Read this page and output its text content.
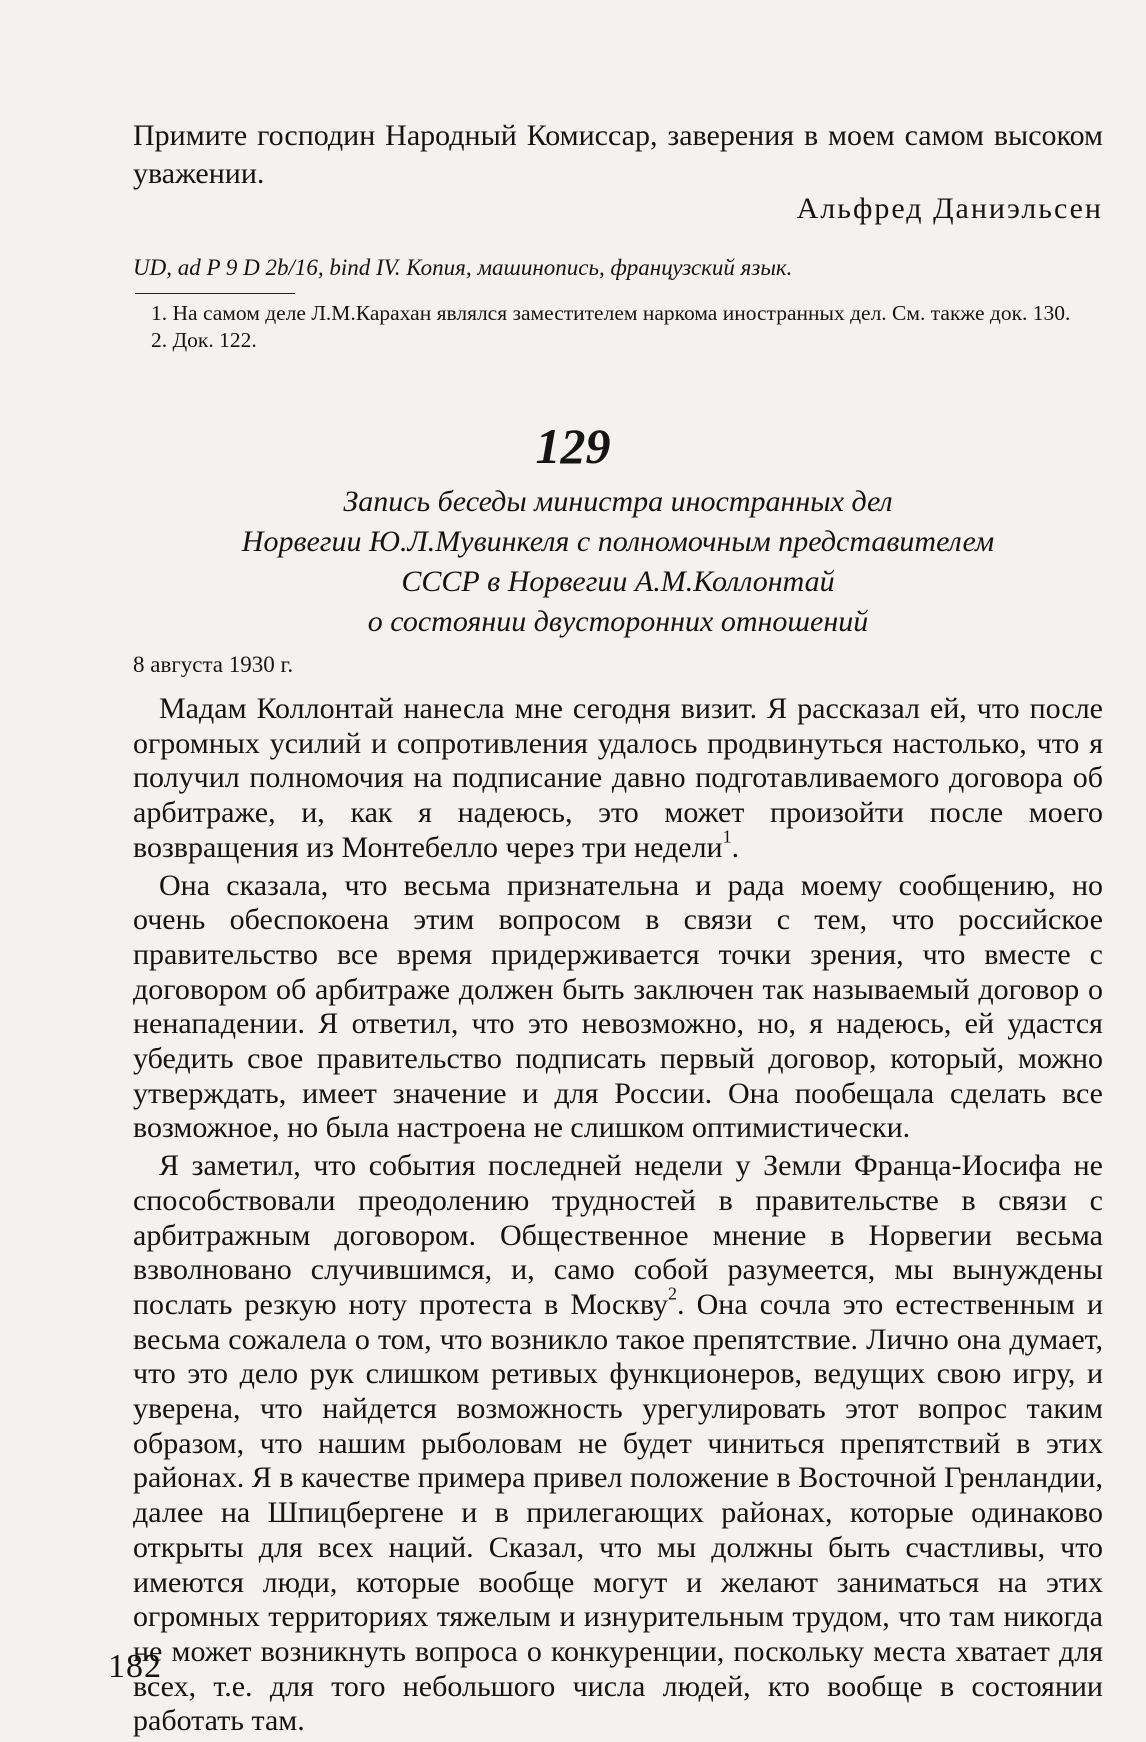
Примите господин Народный Комиссар, заверения в моем самом высоком уважении.
Альфред Даниэльсен
UD, ad P 9 D 2b/16, bind IV. Копия, машинопись, французский язык.

1. На самом деле Л.М.Карахан являлся заместителем наркома иностранных дел. См. также док. 130.

2. Док. 122.

129
Запись беседы министра иностранных дел
Норвегии Ю.Л.Мувинкеля с полномочным представителем
СССР в Норвегии А.М.Коллонтай
о состоянии двусторонних отношений
8 августа 1930 г.

Мадам Коллонтай нанесла мне сегодня визит. Я рассказал ей, что после огромных усилий и сопротивления удалось продвинуться настолько, что я получил полномочия на подписание давно подготавливаемого договора об арбитраже, и, как я надеюсь, это может произойти после моего возвращения из Монтебелло через три недели$^1$.

Она сказала, что весьма признательна и рада моему сообщению, но очень обеспокоена этим вопросом в связи с тем, что российское правительство все время придерживается точки зрения, что вместе с договором об арбитраже должен быть заключен так называемый договор о ненападении. Я ответил, что это невозможно, но, я надеюсь, ей удастся убедить свое правительство подписать первый договор, который, можно утверждать, имеет значение и для России. Она пообещала сделать все возможное, но была настроена не слишком оптимистически.

Я заметил, что события последней недели у Земли Франца-Иосифа не способствовали преодолению трудностей в правительстве в связи с арбитражным договором. Общественное мнение в Норвегии весьма взволновано случившимся, и, само собой разумеется, мы вынуждены послать резкую ноту протеста в Москву$^2$. Она сочла это естественным и весьма сожалела о том, что возникло такое препятствие. Лично она думает, что это дело рук слишком ретивых функционеров, ведущих свою игру, и уверена, что найдется возможность урегулировать этот вопрос таким образом, что нашим рыболовам не будет чиниться препятствий в этих районах. Я в качестве примера привел положение в Восточной Гренландии, далее на Шпицбергене и в прилегающих районах, которые одинаково открыты для всех наций. Сказал, что мы должны быть счастливы, что имеются люди, которые вообще могут и желают заниматься на этих огромных территориях тяжелым и изнурительным трудом, что там никогда не может возникнуть вопроса о конкуренции, поскольку места хватает для всех, т.е. для того небольшого числа людей, кто вообще в состоянии работать там.

182
